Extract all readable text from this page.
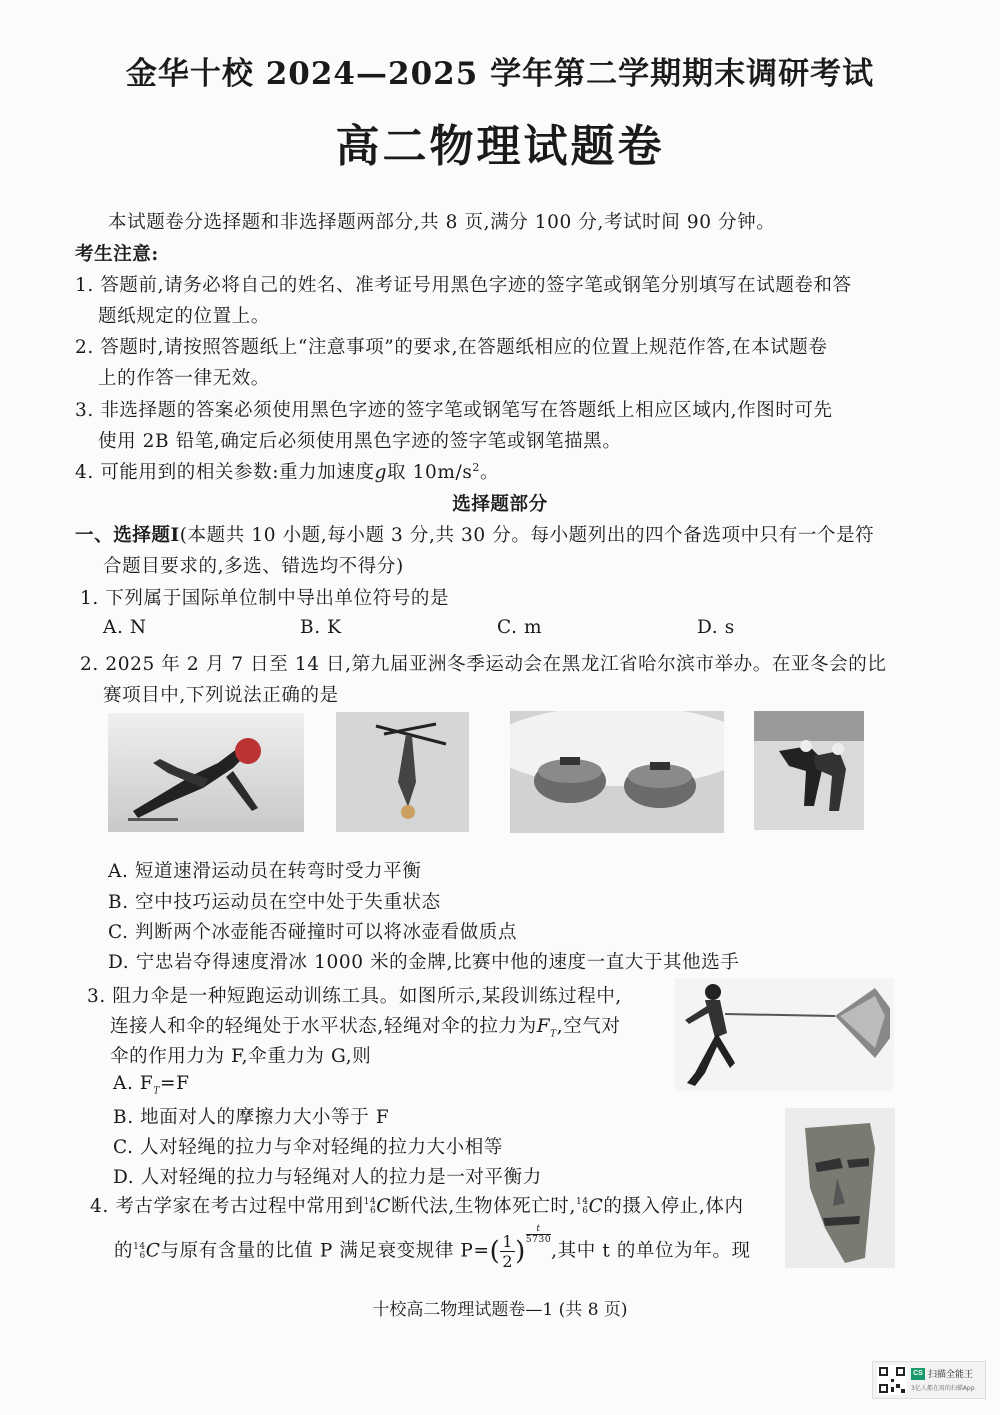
金华十校 2024—2025 学年第二学期期末调研考试
高二物理试题卷
本试题卷分选择题和非选择题两部分,共 8 页,满分 100 分,考试时间 90 分钟。
考生注意:
1. 答题前,请务必将自己的姓名、准考证号用黑色字迹的签字笔或钢笔分别填写在试题卷和答
题纸规定的位置上。
2. 答题时,请按照答题纸上“注意事项”的要求,在答题纸相应的位置上规范作答,在本试题卷
上的作答一律无效。
3. 非选择题的答案必须使用黑色字迹的签字笔或钢笔写在答题纸上相应区域内,作图时可先
使用 2B 铅笔,确定后必须使用黑色字迹的签字笔或钢笔描黑。
4. 可能用到的相关参数:重力加速度g取 $10m/s^2$。
选择题部分
一、选择题Ⅰ(本题共 10 小题,每小题 3 分,共 30 分。每小题列出的四个备选项中只有一个是符
合题目要求的,多选、错选均不得分)
1. 下列属于国际单位制中导出单位符号的是
A. N	B. K	C. m	D. s
2. 2025 年 2 月 7 日至 14 日,第九届亚洲冬季运动会在黑龙江省哈尔滨市举办。在亚冬会的比
赛项目中,下列说法正确的是
A. 短道速滑运动员在转弯时受力平衡
B. 空中技巧运动员在空中处于失重状态
C. 判断两个冰壶能否碰撞时可以将冰壶看做质点
D. 宁忠岩夺得速度滑冰 1000 米的金牌,比赛中他的速度一直大于其他选手
3. 阻力伞是一种短跑运动训练工具。如图所示,某段训练过程中,
连接人和伞的轻绳处于水平状态,轻绳对伞的拉力为$F_T$,空气对
伞的作用力为 F,伞重力为 G,则
A. $F_T=F$
B. 地面对人的摩擦力大小等于 F
C. 人对轻绳的拉力与伞对轻绳的拉力大小相等
D. 人对轻绳的拉力与轻绳对人的拉力是一对平衡力
4. 考古学家在考古过程中常用到14
6C断代法,生物体死亡时,14
6C的摄入停止,体内
的14
6C与原有含量的比值 P 满足衰变规律 $P=( \frac{1}{2}$ )
$\frac{t}{5730}$
,其中 t 的单位为年。现
十校高二物理试题卷—1 (共 8 页)
CS 扫描全能王
3亿人都在用的扫描App
